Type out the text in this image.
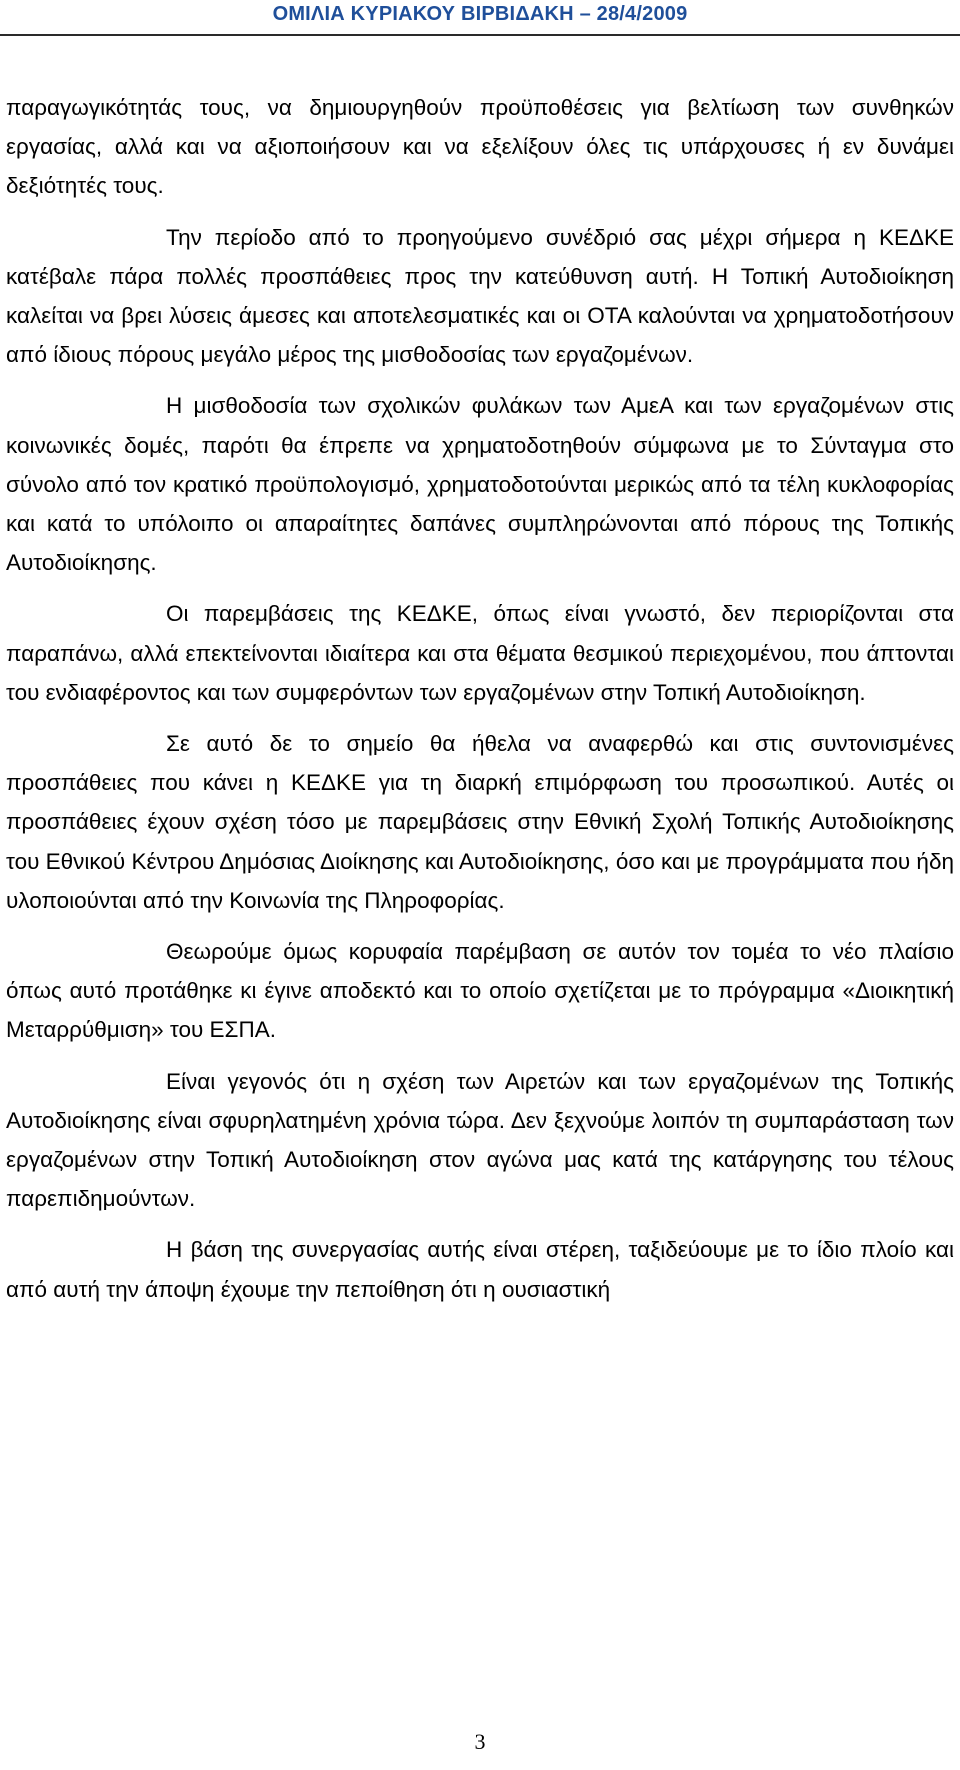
ΟΜΙΛΙΑ ΚΥΡΙΑΚΟΥ ΒΙΡΒΙΔΑΚΗ – 28/4/2009

παραγωγικότητάς τους, να δημιουργηθούν προϋποθέσεις για βελτίωση των συνθηκών εργασίας, αλλά και να αξιοποιήσουν και να εξελίξουν όλες τις υπάρχουσες ή εν δυνάμει δεξιότητές τους.

Την περίοδο από το προηγούμενο συνέδριό σας μέχρι σήμερα η ΚΕΔΚΕ κατέβαλε πάρα πολλές προσπάθειες προς την κατεύθυνση αυτή. Η Τοπική Αυτοδιοίκηση καλείται να βρει λύσεις άμεσες και αποτελεσματικές και οι ΟΤΑ καλούνται να χρηματοδοτήσουν από ίδιους πόρους μεγάλο μέρος της μισθοδοσίας των εργαζομένων.

Η μισθοδοσία των σχολικών φυλάκων των ΑμεΑ και των εργαζομένων στις κοινωνικές δομές, παρότι θα έπρεπε να χρηματοδοτηθούν σύμφωνα με το Σύνταγμα στο σύνολο από τον κρατικό προϋπολογισμό, χρηματοδοτούνται μερικώς από τα τέλη κυκλοφορίας και κατά το υπόλοιπο οι απαραίτητες δαπάνες συμπληρώνονται από πόρους της Τοπικής Αυτοδιοίκησης.

Οι παρεμβάσεις της ΚΕΔΚΕ, όπως είναι γνωστό, δεν περιορίζονται στα παραπάνω, αλλά επεκτείνονται ιδιαίτερα και στα θέματα θεσμικού περιεχομένου, που άπτονται του ενδιαφέροντος και των συμφερόντων των εργαζομένων στην Τοπική Αυτοδιοίκηση.

Σε αυτό δε το σημείο θα ήθελα να αναφερθώ και στις συντονισμένες προσπάθειες που κάνει η ΚΕΔΚΕ για τη διαρκή επιμόρφωση του προσωπικού. Αυτές οι προσπάθειες έχουν σχέση τόσο με παρεμβάσεις στην Εθνική Σχολή Τοπικής Αυτοδιοίκησης του Εθνικού Κέντρου Δημόσιας Διοίκησης και Αυτοδιοίκησης, όσο και με προγράμματα που ήδη υλοποιούνται από την Κοινωνία της Πληροφορίας.

Θεωρούμε όμως κορυφαία παρέμβαση σε αυτόν τον τομέα το νέο πλαίσιο όπως αυτό προτάθηκε κι έγινε αποδεκτό και το οποίο σχετίζεται με το πρόγραμμα «Διοικητική Μεταρρύθμιση» του ΕΣΠΑ.

Είναι γεγονός ότι η σχέση των Αιρετών και των εργαζομένων της Τοπικής Αυτοδιοίκησης είναι σφυρηλατημένη χρόνια τώρα. Δεν ξεχνούμε λοιπόν τη συμπαράσταση των εργαζομένων στην Τοπική Αυτοδιοίκηση στον αγώνα μας κατά της κατάργησης του τέλους παρεπιδημούντων.

Η βάση της συνεργασίας αυτής είναι στέρεη, ταξιδεύουμε με το ίδιο πλοίο και από αυτή την άποψη έχουμε την πεποίθηση ότι η ουσιαστική

3
